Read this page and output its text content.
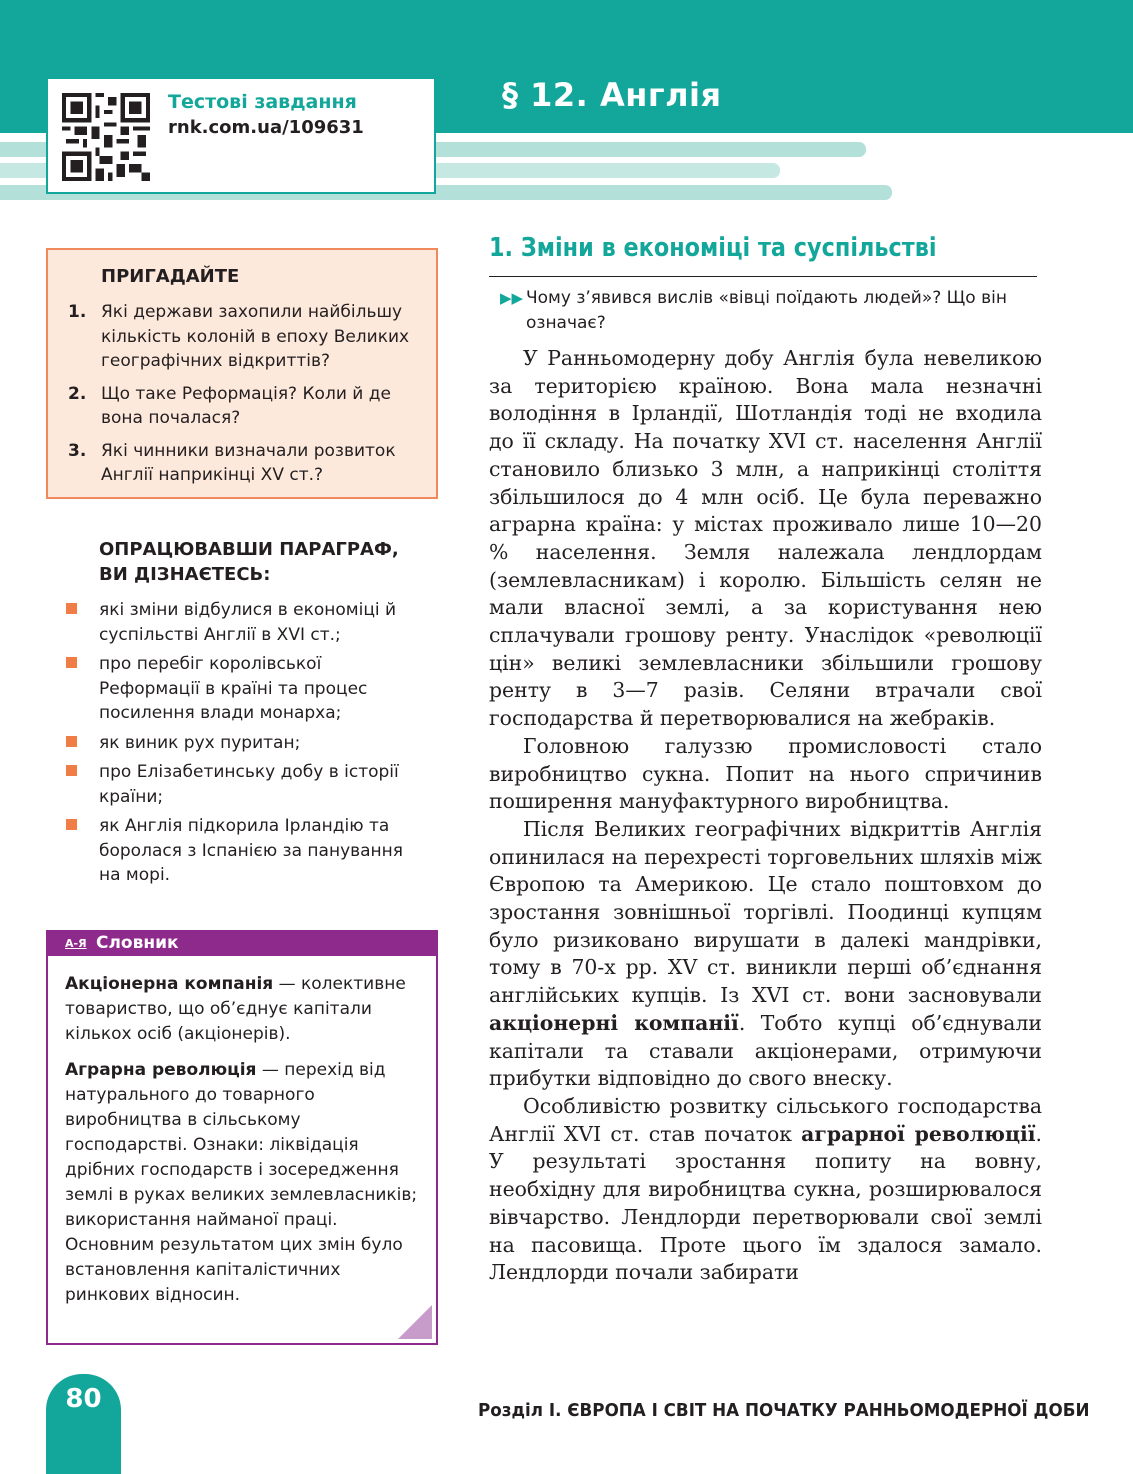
Тестові завдання
rnk.com.ua/109631
§ 12. Англія
ПРИГАДАЙТЕ
1. Які держави захопили найбільшу кількість колоній в епоху Великих географічних відкриттів?
2. Що таке Реформація? Коли й де вона почалася?
3. Які чинники визначали розвиток Англії наприкінці XV ст.?
ОПРАЦЮВАВШИ ПАРАГРАФ, ВИ ДІЗНАЄТЕСЬ:
які зміни відбулися в економіці й суспільстві Англії в XVI ст.;
про перебіг королівської Реформації в країні та процес посилення влади монарха;
як виник рух пуритан;
про Елізабетинську добу в історії країни;
як Англія підкорила Ірландію та боролася з Іспанією за панування на морі.
А-Я Словник

Акціонерна компанія — колективне товариство, що об’єднує капітали кількох осіб (акціонерів).

Аграрна революція — перехід від натурального до товарного виробництва в сільському господарстві. Ознаки: ліквідація дрібних господарств і зосередження землі в руках великих землевласників; використання найманої праці. Основним результатом цих змін було встановлення капіталістичних ринкових відносин.

1. Зміни в економіці та суспільстві
▶▶ Чому з’явився вислів «вівці поїдають людей»? Що він означає?

У Ранньомодерну добу Англія була невеликою за територією країною. Вона мала незначні володіння в Ірландії, Шотландія тоді не входила до її складу. На початку XVI ст. населення Англії становило близько 3 млн, а наприкінці століття збільшилося до 4 млн осіб. Це була переважно аграрна країна: у містах проживало лише 10—20 % населення. Земля належала лендлордам (землевласникам) і королю. Більшість селян не мали власної землі, а за користування нею сплачували грошову ренту. Унаслідок «революції цін» великі землевласники збільшили грошову ренту в 3—7 разів. Селяни втрачали свої господарства й перетворювалися на жебраків.

Головною галуззю промисловості стало виробництво сукна. Попит на нього спричинив поширення мануфактурного виробництва.

Після Великих географічних відкриттів Англія опинилася на перехресті торговельних шляхів між Європою та Америкою. Це стало поштовхом до зростання зовнішньої торгівлі. Поодинці купцям було ризиковано вирушати в далекі мандрівки, тому в 70-х рр. XV ст. виникли перші об’єднання англійських купців. Із XVI ст. вони засновували акціонерні компанії. Тобто купці об’єднували капітали та ставали акціонерами, отримуючи прибутки відповідно до свого внеску.

Особливістю розвитку сільського господарства Англії XVI ст. став початок аграрної революції. У результаті зростання попиту на вовну, необхідну для виробництва сукна, розширювалося вівчарство. Лендлорди перетворювали свої землі на пасовища. Проте цього їм здалося замало. Лендлорди почали забирати

80	Розділ І. ЄВРОПА І СВІТ НА ПОЧАТКУ РАННЬОМОДЕРНОЇ ДОБИ
